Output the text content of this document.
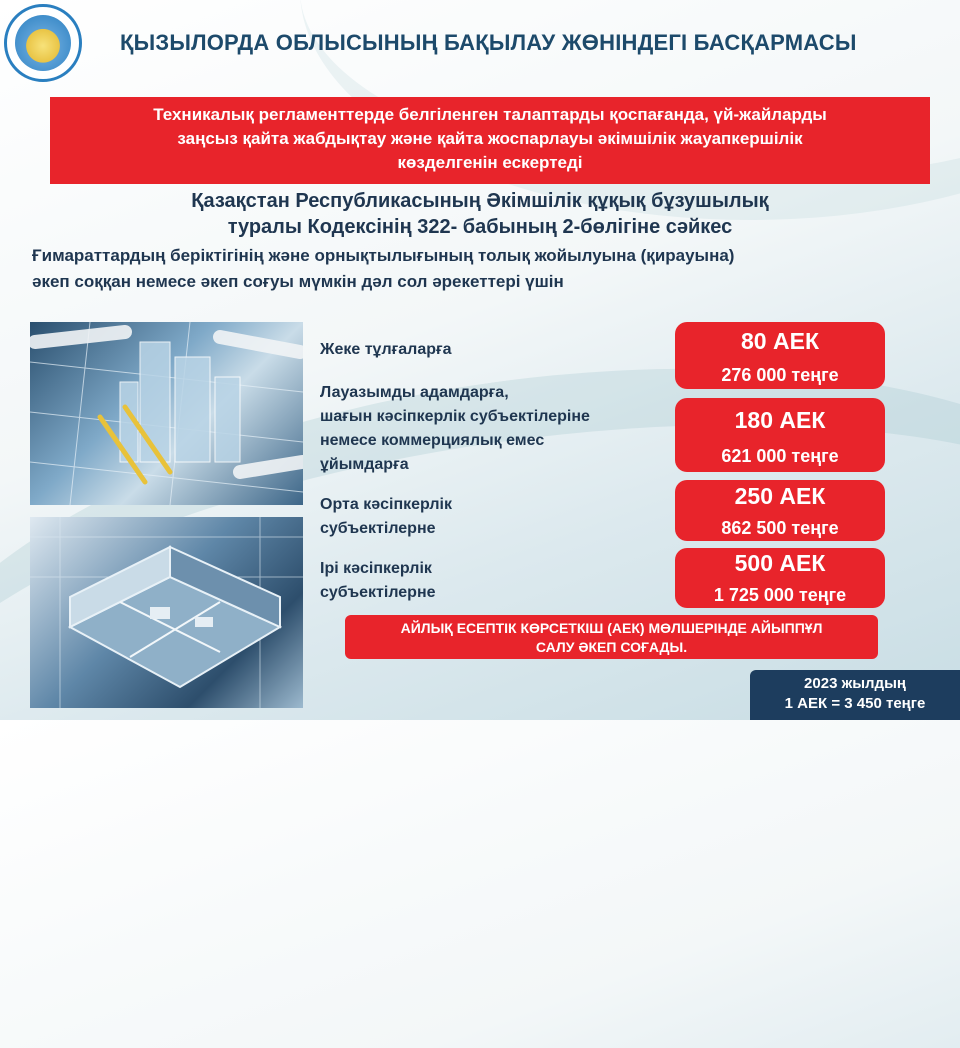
ҚЫЗЫЛОРДА ОБЛЫСЫНЫҢ БАҚЫЛАУ ЖӨНІНДЕГІ БАСҚАРМАСЫ
Техникалық регламенттерде белгіленген талаптарды қоспағанда, үй-жайларды
заңсыз қайта жабдықтау және қайта жоспарлауы әкімшілік жауапкершілік
көзделгенін ескертеді
Қазақстан Республикасының Әкімшілік құқық бұзушылық
туралы Кодексінің 322- бабының 2-бөлігіне сәйкес
Ғимараттардың беріктігінің және орнықтылығының толық жойылуына (қирауына)
әкеп соққан немесе әкеп соғуы мүмкін дәл сол әрекеттері үшін
Жеке тұлғаларға
Лауазымды адамдарға,
шағын кәсіпкерлік субъектілеріне
немесе коммерциялық емес
ұйымдарға
Орта кәсіпкерлік
субъектілерне
Ірі кәсіпкерлік
субъектілерне
80 АЕК
276 000 теңге
180 АЕК
621 000 теңге
250 АЕК
862 500 теңге
500 АЕК
1 725 000 теңге
АЙЛЫҚ ЕСЕПТІК КӨРСЕТКІШ (АЕК) МӨЛШЕРІНДЕ АЙЫППҰЛ
САЛУ ӘКЕП СОҒАДЫ.
2023 жылдың
1 АЕК = 3 450 теңге
